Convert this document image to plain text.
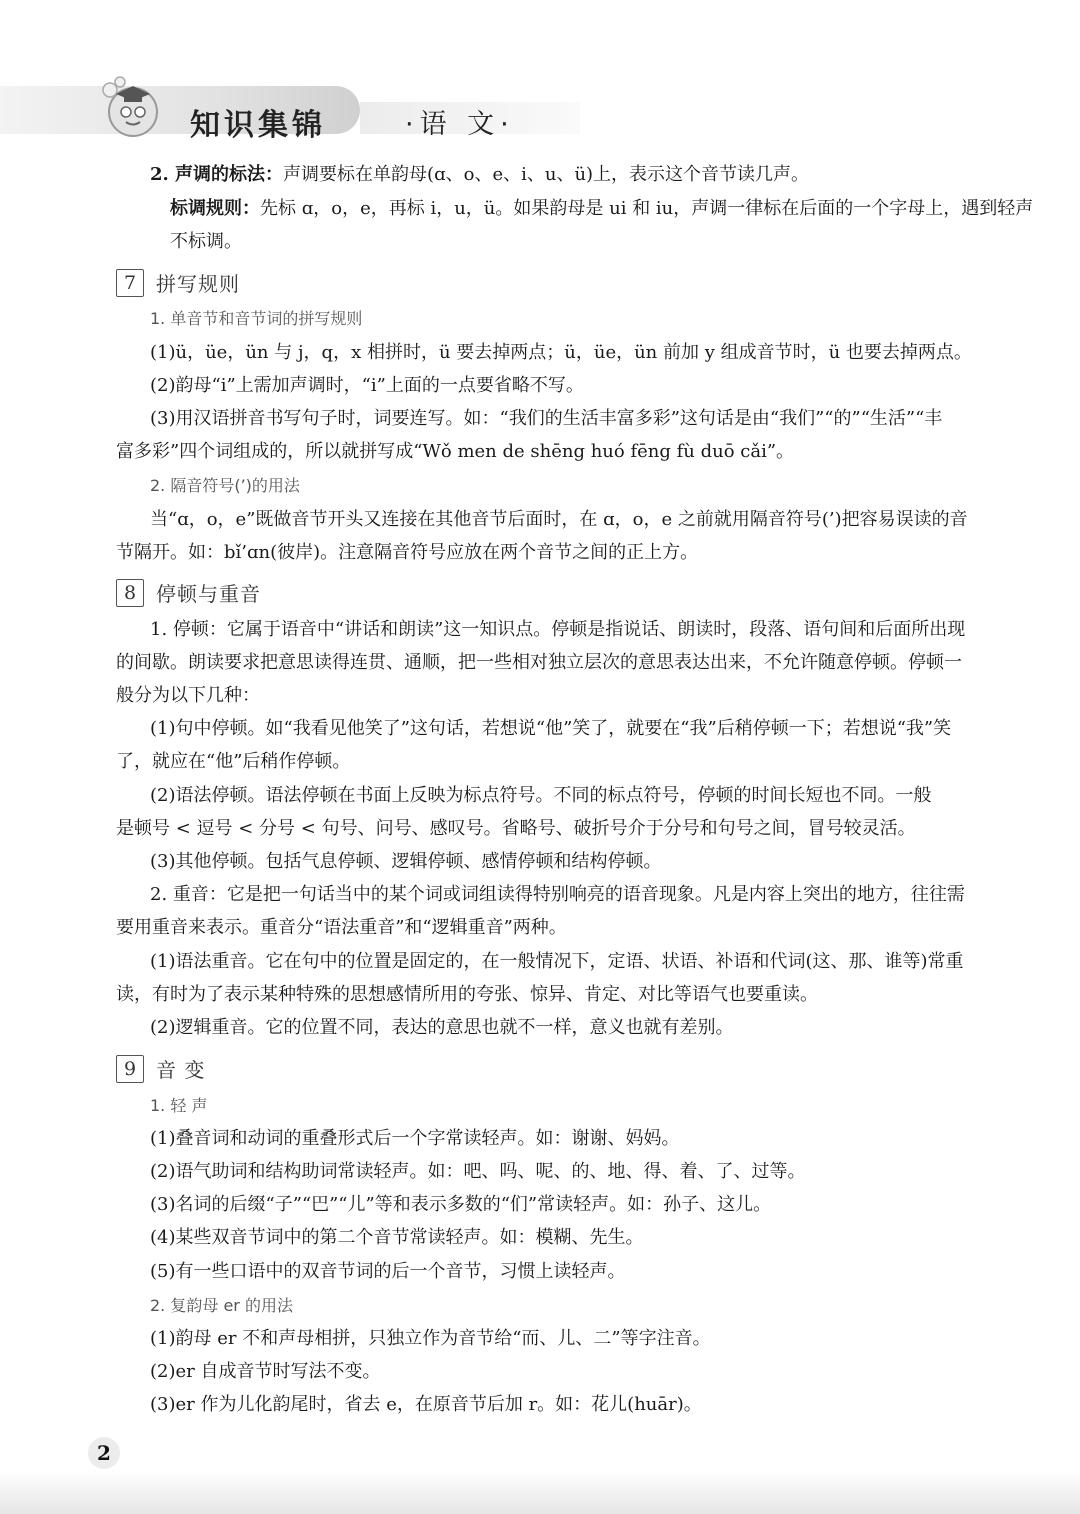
知识集锦	·语 文·
2. 声调的标法：声调要标在单韵母(ɑ、o、e、i、u、ü)上，表示这个音节读几声。
标调规则：先标 ɑ，o，e，再标 i，u，ü。如果韵母是 ui 和 iu，声调一律标在后面的一个字母上，遇到轻声
不标调。
7 拼写规则
1. 单音节和音节词的拼写规则
(1)ü，üe，ün 与 j，q，x 相拼时，ü 要去掉两点；ü，üe，ün 前加 y 组成音节时，ü 也要去掉两点。
(2)韵母“i”上需加声调时，“i”上面的一点要省略不写。
(3)用汉语拼音书写句子时，词要连写。如：“我们的生活丰富多彩”这句话是由“我们”“的”“生活”“丰
富多彩”四个词组成的，所以就拼写成“Wǒ men de shēng huó fēng fù duō cǎi”。
2. 隔音符号(’)的用法
当“ɑ，o，e”既做音节开头又连接在其他音节后面时，在 ɑ，o，e 之前就用隔音符号(’)把容易误读的音
节隔开。如：bǐ’ɑn(彼岸)。注意隔音符号应放在两个音节之间的正上方。
8 停顿与重音
1. 停顿：它属于语音中“讲话和朗读”这一知识点。停顿是指说话、朗读时，段落、语句间和后面所出现
的间歇。朗读要求把意思读得连贯、通顺，把一些相对独立层次的意思表达出来，不允许随意停顿。停顿一
般分为以下几种：
(1)句中停顿。如“我看见他笑了”这句话，若想说“他”笑了，就要在“我”后稍停顿一下；若想说“我”笑
了，就应在“他”后稍作停顿。
(2)语法停顿。语法停顿在书面上反映为标点符号。不同的标点符号，停顿的时间长短也不同。一般
是顿号 < 逗号 < 分号 < 句号、问号、感叹号。省略号、破折号介于分号和句号之间，冒号较灵活。
(3)其他停顿。包括气息停顿、逻辑停顿、感情停顿和结构停顿。
2. 重音：它是把一句话当中的某个词或词组读得特别响亮的语音现象。凡是内容上突出的地方，往往需
要用重音来表示。重音分“语法重音”和“逻辑重音”两种。
(1)语法重音。它在句中的位置是固定的，在一般情况下，定语、状语、补语和代词(这、那、谁等)常重
读，有时为了表示某种特殊的思想感情所用的夸张、惊异、肯定、对比等语气也要重读。
(2)逻辑重音。它的位置不同，表达的意思也就不一样，意义也就有差别。
9 音 变
1. 轻 声
(1)叠音词和动词的重叠形式后一个字常读轻声。如：谢谢、妈妈。
(2)语气助词和结构助词常读轻声。如：吧、吗、呢、的、地、得、着、了、过等。
(3)名词的后缀“子”“巴”“儿”等和表示多数的“们”常读轻声。如：孙子、这儿。
(4)某些双音节词中的第二个音节常读轻声。如：模糊、先生。
(5)有一些口语中的双音节词的后一个音节，习惯上读轻声。
2. 复韵母 er 的用法
(1)韵母 er 不和声母相拼，只独立作为音节给“而、儿、二”等字注音。
(2)er 自成音节时写法不变。
(3)er 作为儿化韵尾时，省去 e，在原音节后加 r。如：花儿(huār)。
2
